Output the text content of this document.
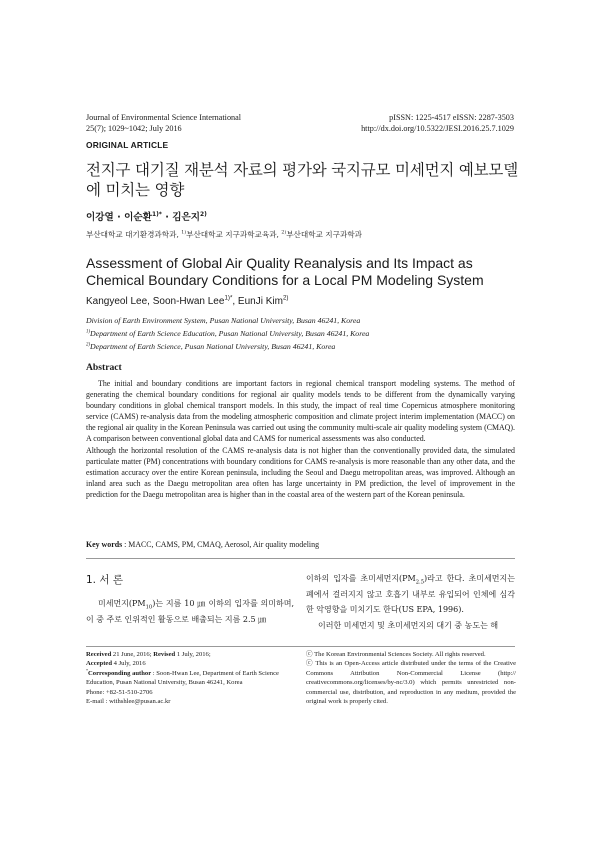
Journal of Environmental Science International
25(7); 1029~1042; July 2016
pISSN: 1225-4517 eISSN: 2287-3503
http://dx.doi.org/10.5322/JESI.2016.25.7.1029
ORIGINAL ARTICLE
전지구 대기질 재분석 자료의 평가와 국지규모 미세먼지 예보모델에 미치는 영향
이강열 · 이순환$^{1)*}$ · 김은지$^{2)}$
부산대학교 대기환경과학과, $^{1)}$부산대학교 지구과학교육과, $^{2)}$부산대학교 지구과학과
Assessment of Global Air Quality Reanalysis and Its Impact as Chemical Boundary Conditions for a Local PM Modeling System
Kangyeol Lee, Soon-Hwan Lee$^{1)*}$, EunJi Kim$^{2)}$
Division of Earth Environment System, Pusan National University, Busan 46241, Korea
$^{1)}$Department of Earth Science Education, Pusan National University, Busan 46241, Korea
$^{2)}$Department of Earth Science, Pusan National University, Busan 46241, Korea
Abstract

The initial and boundary conditions are important factors in regional chemical transport modeling systems. The method of generating the chemical boundary conditions for regional air quality models tends to be different from the dynamically varying boundary conditions in global chemical transport models. In this study, the impact of real time Copernicus atmosphere monitoring service (CAMS) re-analysis data from the modeling atmospheric composition and climate project interim implementation (MACC) on the regional air quality in the Korean Peninsula was carried out using the community multi-scale air quality modeling system (CMAQ). A comparison between conventional global data and CAMS for numerical assessments was also conducted.

Although the horizontal resolution of the CAMS re-analysis data is not higher than the conventionally provided data, the simulated particulate matter (PM) concentrations with boundary conditions for CAMS re-analysis is more reasonable than any other data, and the estimation accuracy over the entire Korean peninsula, including the Seoul and Daegu metropolitan areas, was improved. Although an inland area such as the Daegu metropolitan area often has large uncertainty in PM prediction, the level of improvement in the prediction for the Daegu metropolitan area is higher than in the coastal area of the western part of the Korean peninsula.

Key words : MACC, CAMS, PM, CMAQ, Aerosol, Air quality modeling
1. 서 론

미세먼지$(PM_{10})$는 지름 10 ㎛ 이하의 입자를 의미하며, 이 중 주로 인위적인 활동으로 배출되는 지름 2.5 ㎛

이하의 입자를 초미세먼지$(PM_{2.5})$라고 한다. 초미세먼지는 폐에서 걸러지지 않고 호흡기 내부로 유입되어 인체에 심각한 악영향을 미치기도 한다(US EPA, 1996).

이러한 미세먼지 및 초미세먼지의 대기 중 농도는 해

Received 21 June, 2016; Revised 1 July, 2016;
Accepted 4 July, 2016
*Corresponding author : Soon-Hwan Lee, Department of Earth Science Education, Pusan National University, Busan 46241, Korea
Phone: +82-51-510-2706
E-mail : withshlee@pusan.ac.kr
ⓒ The Korean Environmental Sciences Society. All rights reserved.
ⓒ This is an Open-Access article distributed under the terms of the Creative Commons Attribution Non-Commercial License (http:// creativecommons.org/licenses/by-nc/3.0) which permits unrestricted non-commercial use, distribution, and reproduction in any medium, provided the original work is properly cited.
